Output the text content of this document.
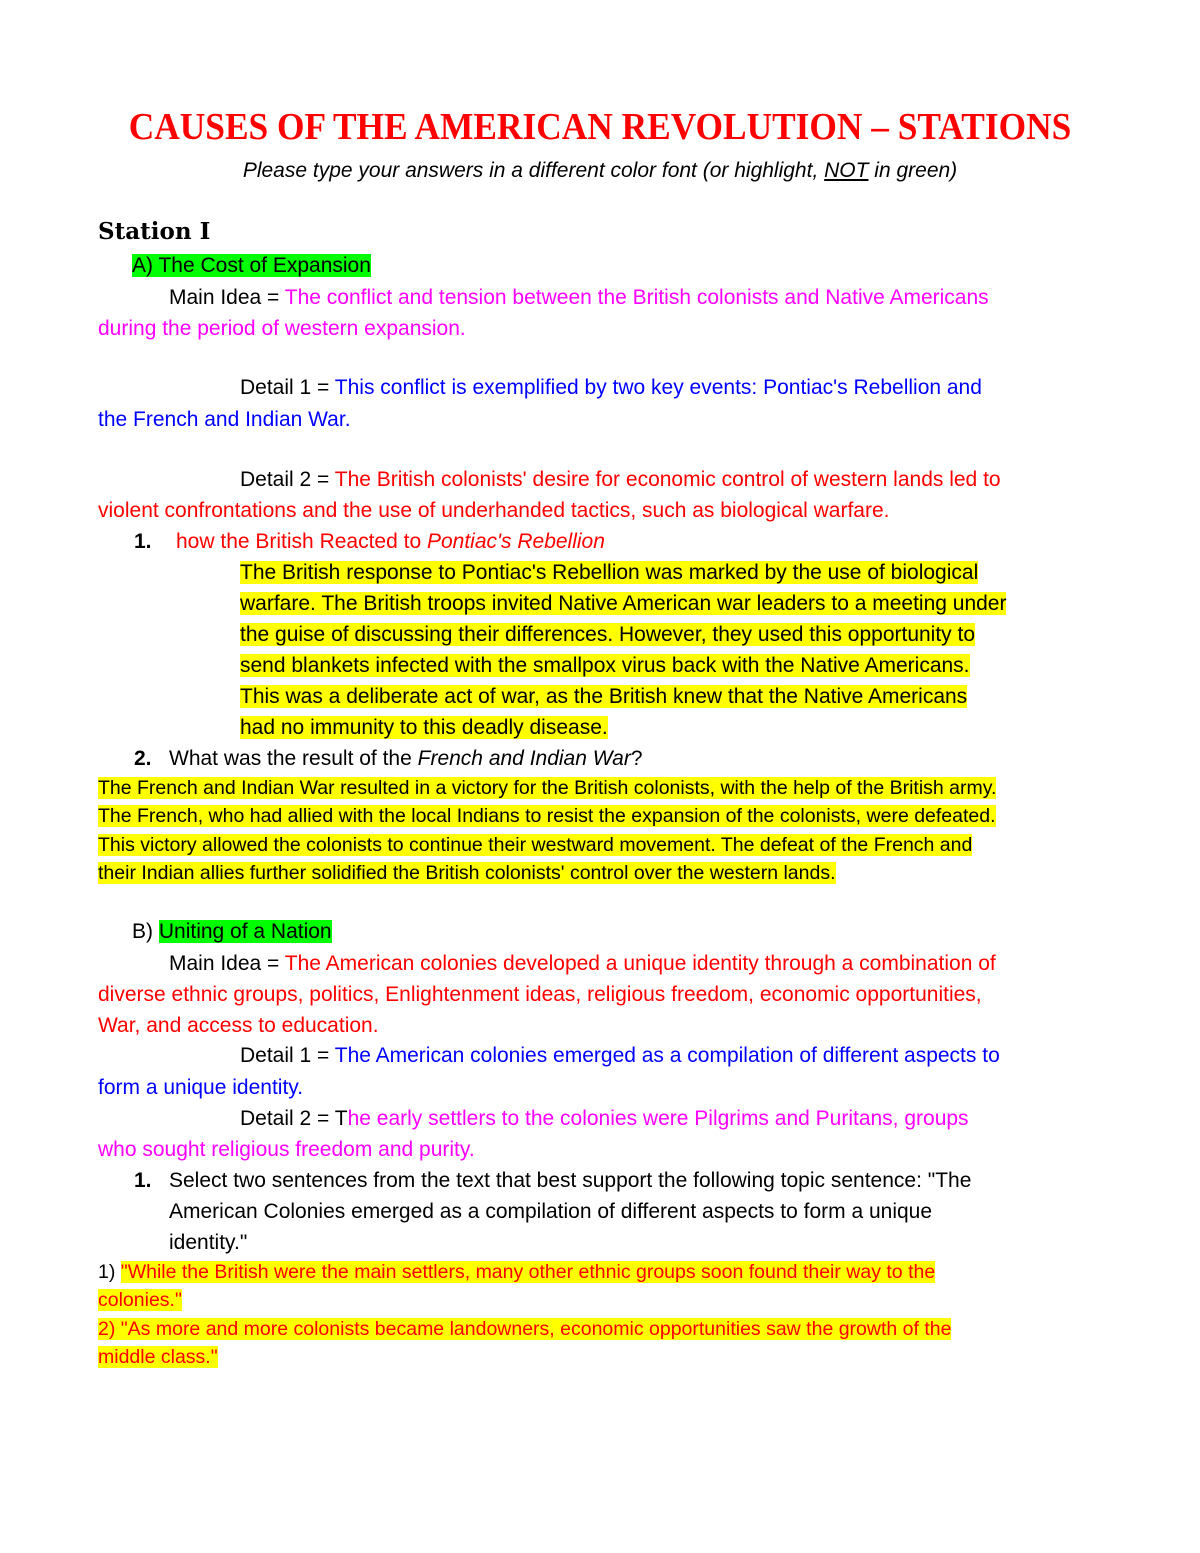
CAUSES OF THE AMERICAN REVOLUTION – STATIONS
Please type your answers in a different color font (or highlight, NOT in green)
Station I
A) The Cost of Expansion
Main Idea = The conflict and tension between the British colonists and Native Americans
during the period of western expansion.
Detail 1 = This conflict is exemplified by two key events: Pontiac's Rebellion and
the French and Indian War.
Detail 2 = The British colonists' desire for economic control of western lands led to
violent confrontations and the use of underhanded tactics, such as biological warfare.
1. how the British Reacted to Pontiac's Rebellion
The British response to Pontiac's Rebellion was marked by the use of biological
warfare. The British troops invited Native American war leaders to a meeting under
the guise of discussing their differences. However, they used this opportunity to
send blankets infected with the smallpox virus back with the Native Americans.
This was a deliberate act of war, as the British knew that the Native Americans
had no immunity to this deadly disease.
2. What was the result of the French and Indian War?
The French and Indian War resulted in a victory for the British colonists, with the help of the British army.
The French, who had allied with the local Indians to resist the expansion of the colonists, were defeated.
This victory allowed the colonists to continue their westward movement. The defeat of the French and
their Indian allies further solidified the British colonists' control over the western lands.
B) Uniting of a Nation
Main Idea = The American colonies developed a unique identity through a combination of
diverse ethnic groups, politics, Enlightenment ideas, religious freedom, economic opportunities,
War, and access to education.
Detail 1 = The American colonies emerged as a compilation of different aspects to
form a unique identity.
Detail 2 = The early settlers to the colonies were Pilgrims and Puritans, groups
who sought religious freedom and purity.
1. Select two sentences from the text that best support the following topic sentence: "The
American Colonies emerged as a compilation of different aspects to form a unique
identity."
1) "While the British were the main settlers, many other ethnic groups soon found their way to the
colonies."
2) "As more and more colonists became landowners, economic opportunities saw the growth of the
middle class."
